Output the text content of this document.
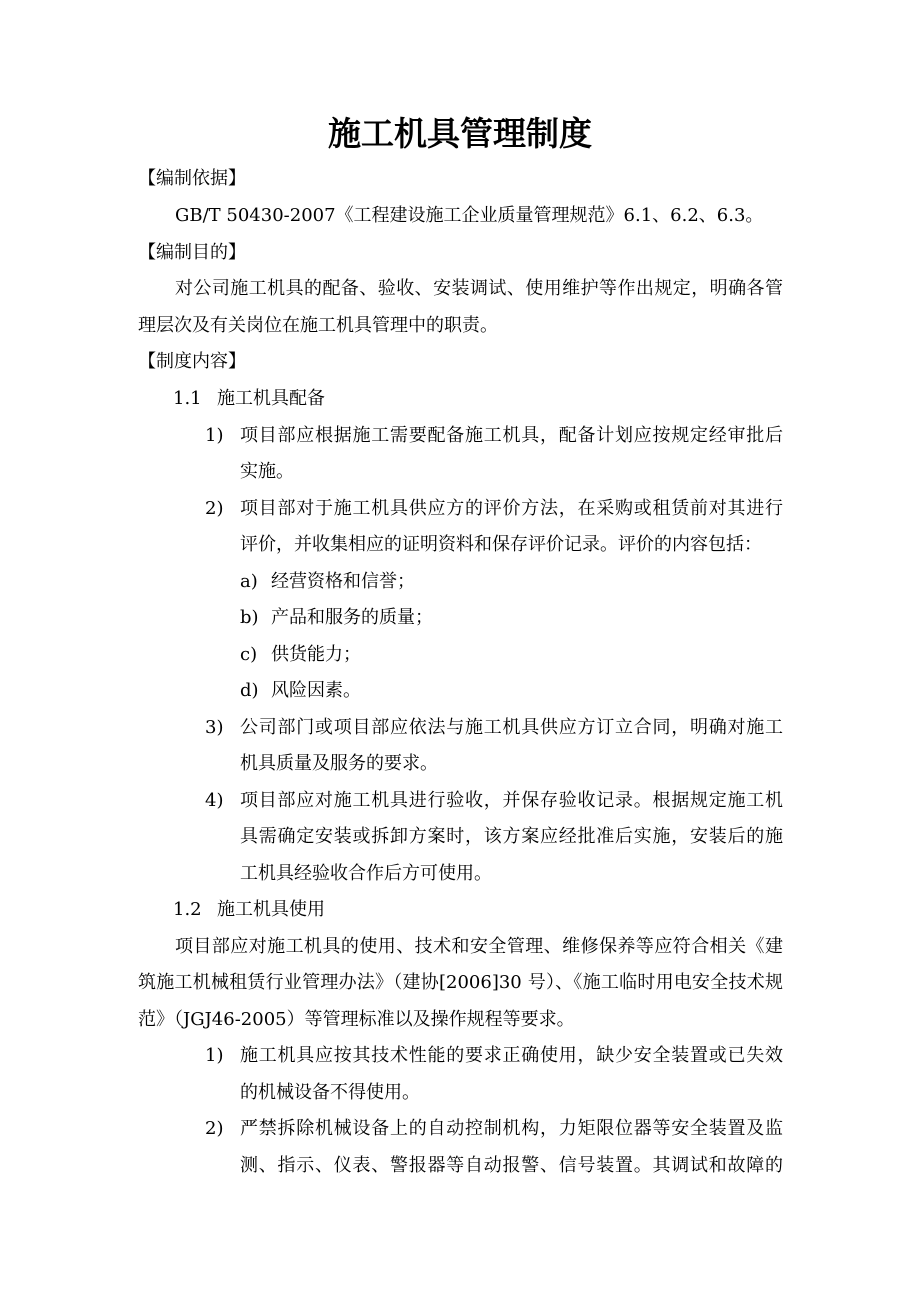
施工机具管理制度
【编制依据】
GB/T 50430-2007《工程建设施工企业质量管理规范》6.1、6.2、6.3。
【编制目的】
对公司施工机具的配备、验收、安装调试、使用维护等作出规定，明确各管
理层次及有关岗位在施工机具管理中的职责。
【制度内容】
1.1 施工机具配备
1) 项目部应根据施工需要配备施工机具，配备计划应按规定经审批后
实施。
2) 项目部对于施工机具供应方的评价方法，在采购或租赁前对其进行
评价，并收集相应的证明资料和保存评价记录。评价的内容包括：
a) 经营资格和信誉；
b) 产品和服务的质量；
c) 供货能力；
d) 风险因素。
3) 公司部门或项目部应依法与施工机具供应方订立合同，明确对施工
机具质量及服务的要求。
4) 项目部应对施工机具进行验收，并保存验收记录。根据规定施工机
具需确定安装或拆卸方案时，该方案应经批准后实施，安装后的施
工机具经验收合作后方可使用。
1.2 施工机具使用
项目部应对施工机具的使用、技术和安全管理、维修保养等应符合相关《建
筑施工机械租赁行业管理办法》（建协[2006]30 号）、《施工临时用电安全技术规
范》（JGJ46-2005）等管理标准以及操作规程等要求。
1) 施工机具应按其技术性能的要求正确使用，缺少安全装置或已失效
的机械设备不得使用。
2) 严禁拆除机械设备上的自动控制机构，力矩限位器等安全装置及监
测、指示、仪表、警报器等自动报警、信号装置。其调试和故障的
